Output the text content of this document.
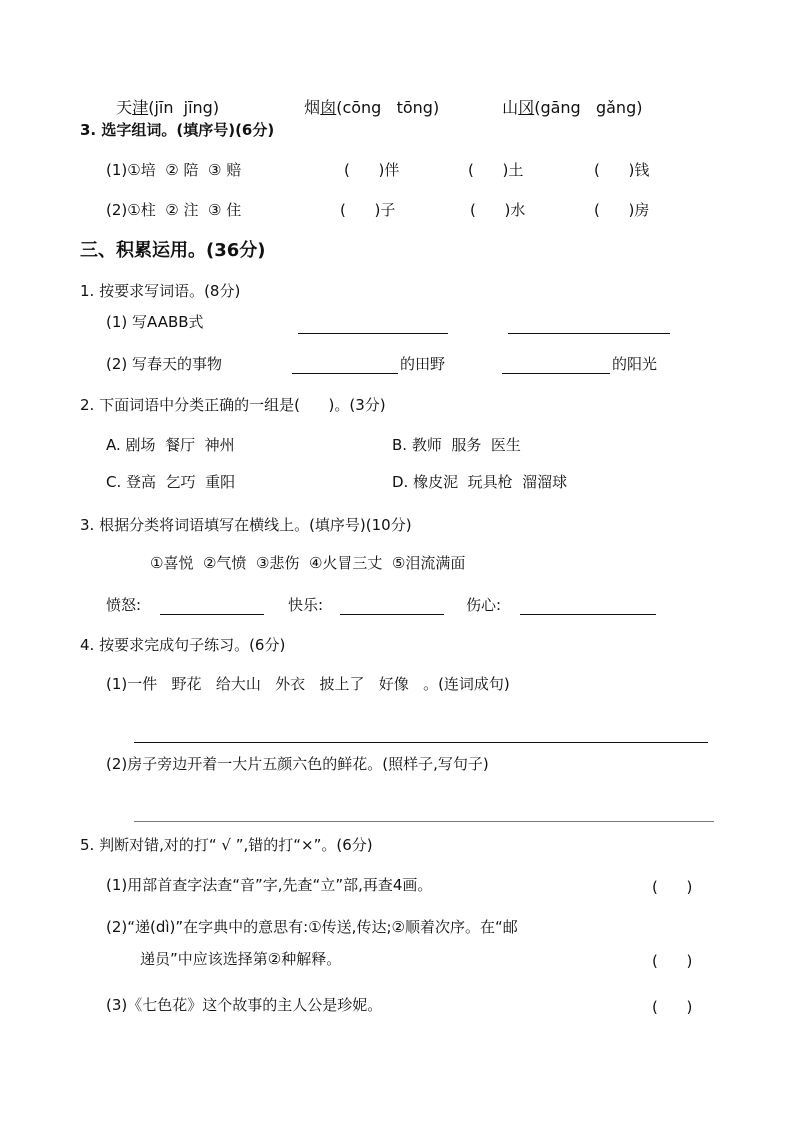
天津(jīn  jīng)	烟囱(cōng   tōng)	山冈(gāng   gǎng)

3. 选字组词。(填序号)(6分)
(1)①培  ② 陪  ③ 赔	(      )伴	(      )土	(      )钱
(2)①柱  ② 注  ③ 住	(      )子	(      )水	(      )房
三、积累运用。(36分)
1. 按要求写词语。(8分)
(1) 写AABB式
(2) 写春天的事物	的田野	的阳光
2. 下面词语中分类正确的一组是(      )。(3分)
A. 剧场  餐厅  神州	B. 教师  服务  医生
C. 登高  乞巧  重阳	D. 橡皮泥  玩具枪  溜溜球
3. 根据分类将词语填写在横线上。(填序号)(10分)
①喜悦  ②气愤  ③悲伤  ④火冒三丈  ⑤泪流满面
愤怒:	快乐:	伤心:
4. 按要求完成句子练习。(6分)
(1)一件   野花   给大山   外衣   披上了   好像   。(连词成句)
(2)房子旁边开着一大片五颜六色的鲜花。(照样子,写句子)
5. 判断对错,对的打“ √ ”,错的打“×”。(6分)
(1)用部首查字法查“音”字,先查“立”部,再查4画。	(      )
(2)“递(dì)”在字典中的意思有:①传送,传达;②顺着次序。在“邮
递员”中应该选择第②种解释。	(      )
(3)《七色花》这个故事的主人公是珍妮。	(      )
